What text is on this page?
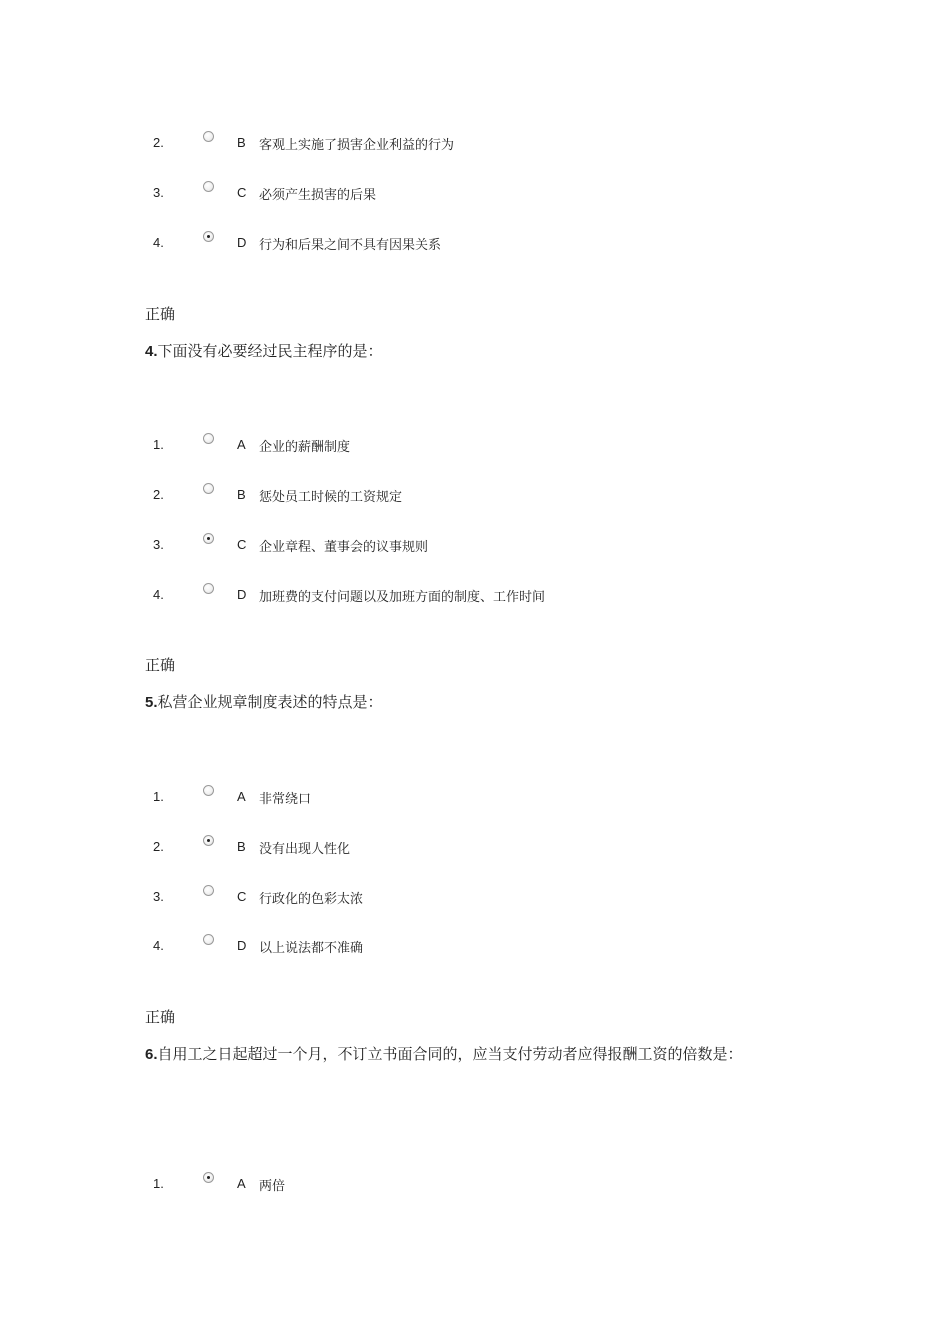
2.	B 客观上实施了损害企业利益的行为
3.	C 必须产生损害的后果
4.	D 行为和后果之间不具有因果关系
正确
4.下面没有必要经过民主程序的是：
1.	A 企业的薪酬制度
2.	B 惩处员工时候的工资规定
3.	C 企业章程、董事会的议事规则
4.	D 加班费的支付问题以及加班方面的制度、工作时间
正确
5.私营企业规章制度表述的特点是：
1.	A 非常绕口
2.	B 没有出现人性化
3.	C 行政化的色彩太浓
4.	D 以上说法都不准确
正确
6.自用工之日起超过一个月，不订立书面合同的，应当支付劳动者应得报酬工资的倍数是：
1.	A 两倍
